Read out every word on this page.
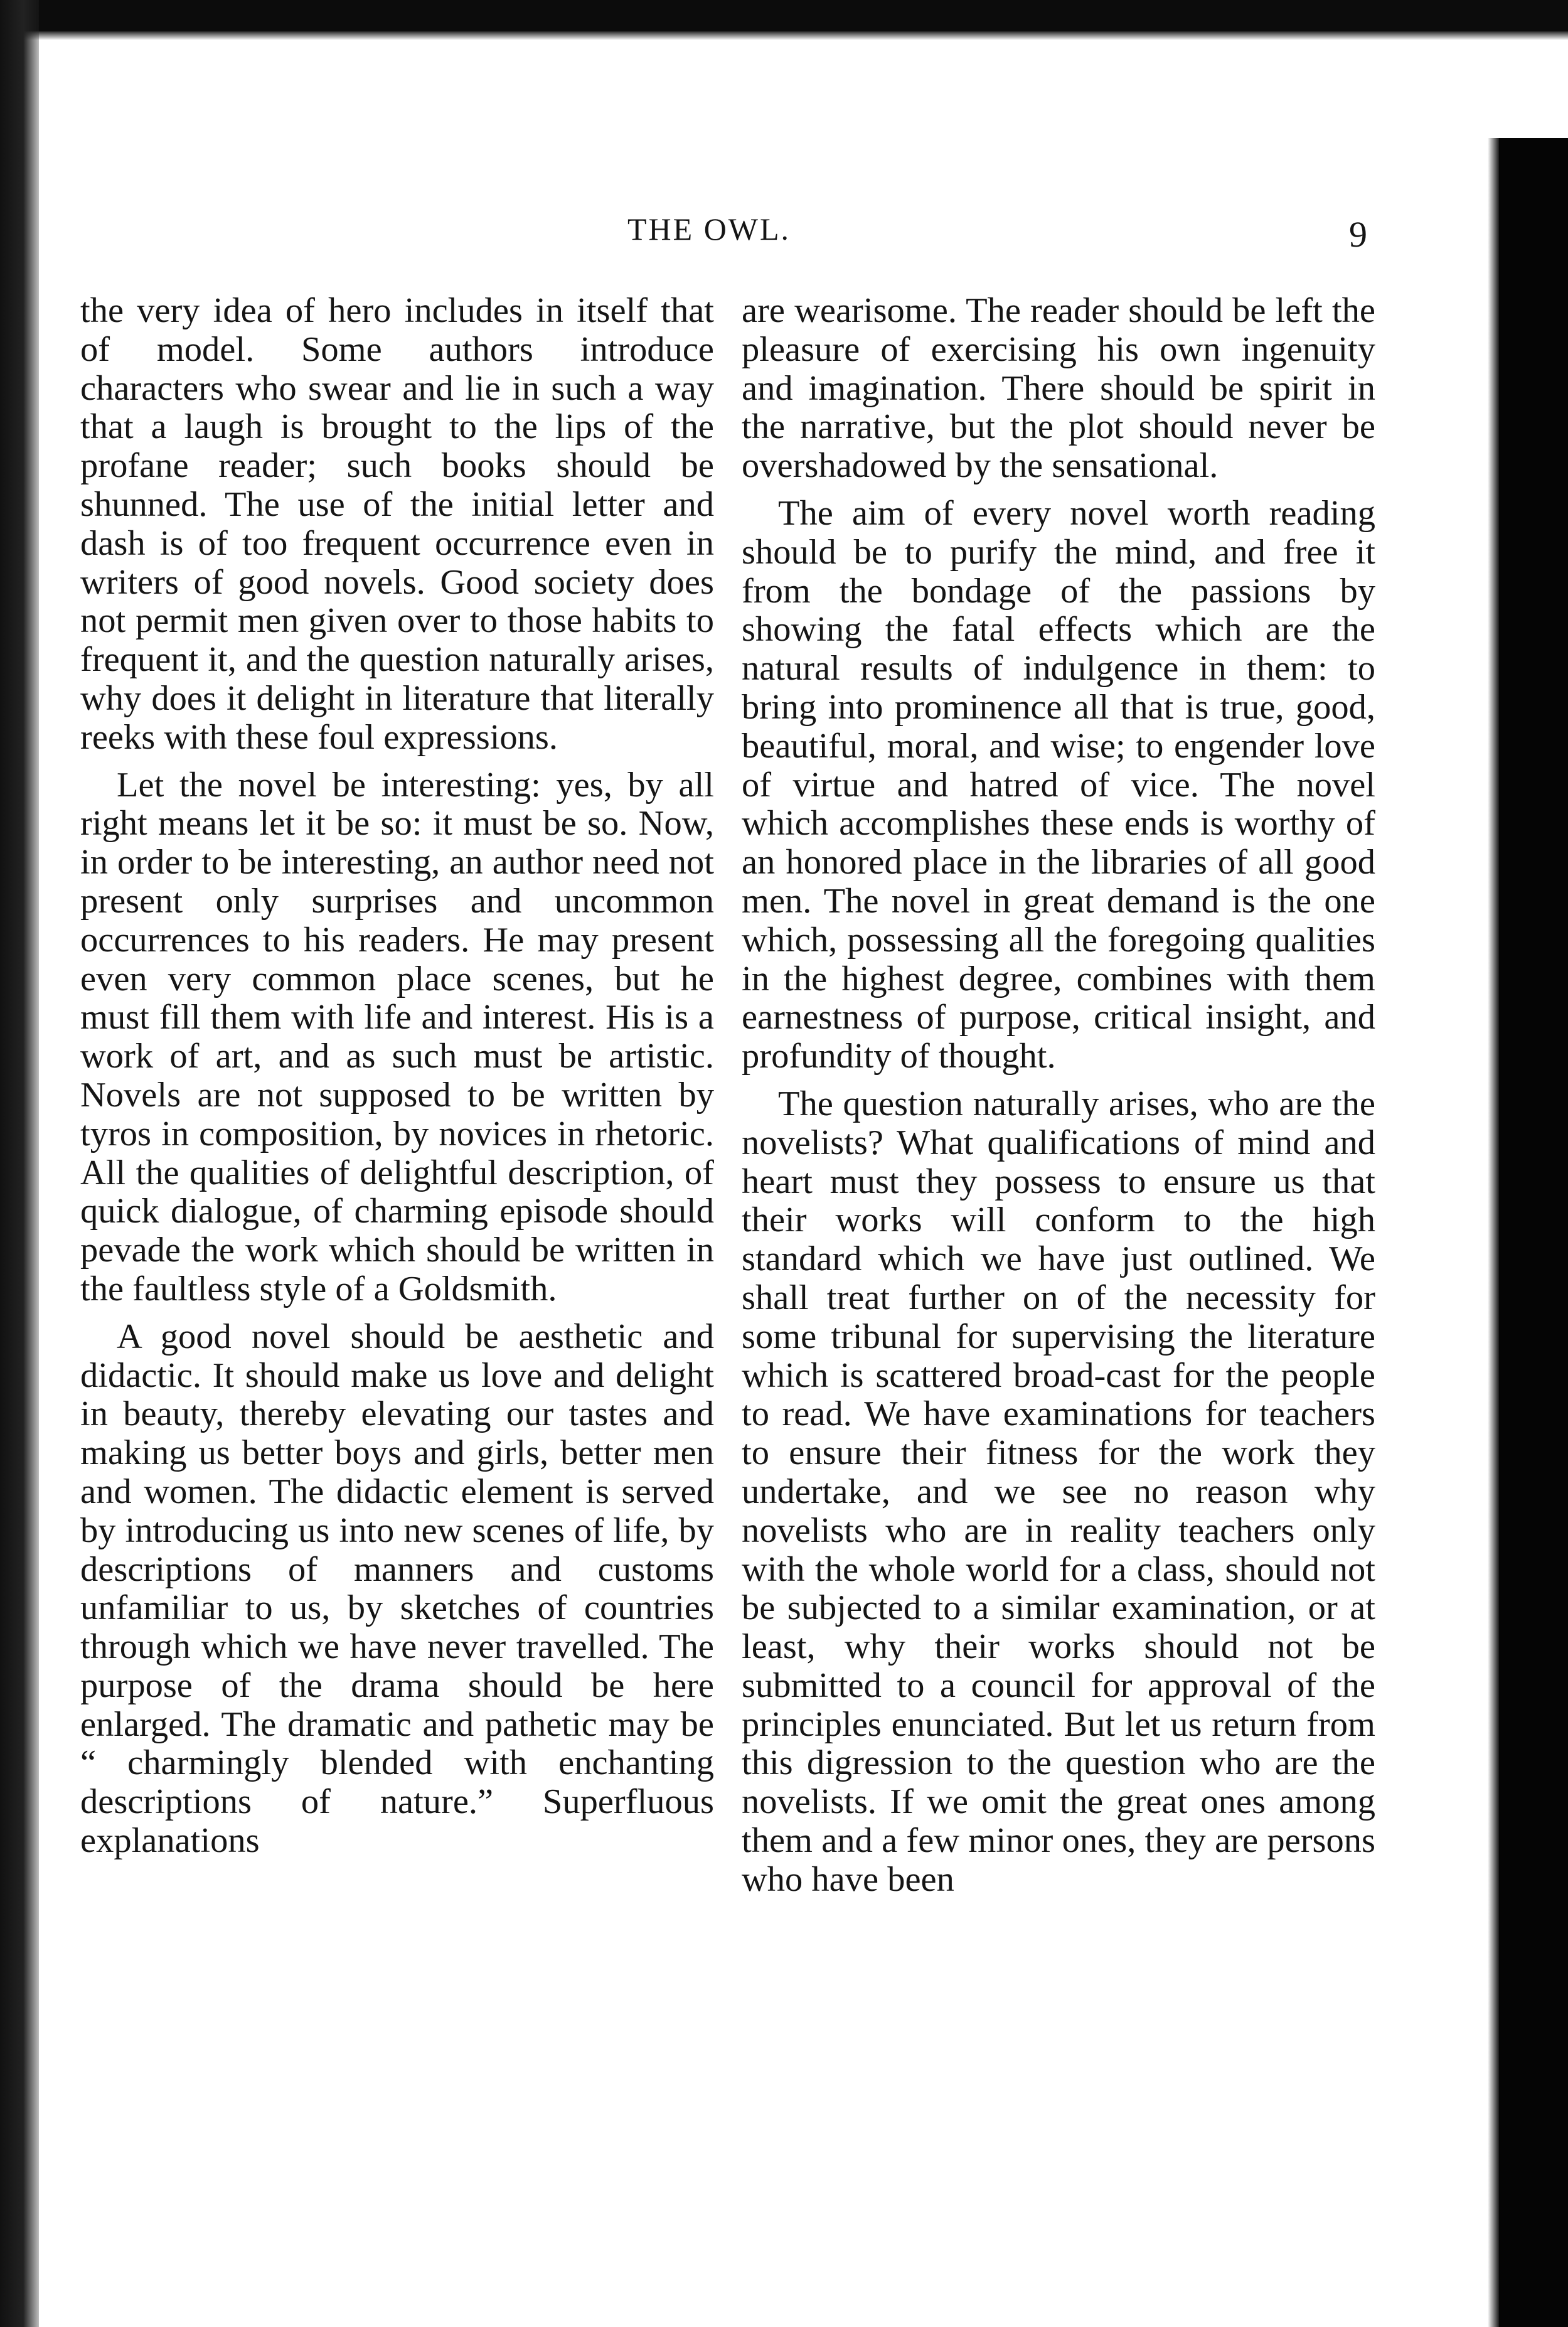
THE OWL.	9

the very idea of hero includes in itself that of model. Some authors introduce characters who swear and lie in such a way that a laugh is brought to the lips of the profane reader; such books should be shunned. The use of the initial letter and dash is of too frequent occurrence even in writers of good novels. Good society does not permit men given over to those habits to frequent it, and the question naturally arises, why does it delight in literature that literally reeks with these foul expressions.

Let the novel be interesting: yes, by all right means let it be so: it must be so. Now, in order to be interesting, an author need not present only surprises and uncommon occurrences to his readers. He may present even very common place scenes, but he must fill them with life and interest. His is a work of art, and as such must be artistic. Novels are not supposed to be written by tyros in composition, by novices in rhetoric. All the qualities of delightful description, of quick dialogue, of charming episode should pevade the work which should be written in the faultless style of a Goldsmith.

A good novel should be aesthetic and didactic. It should make us love and delight in beauty, thereby elevating our tastes and making us better boys and girls, better men and women. The didactic element is served by introducing us into new scenes of life, by descriptions of manners and customs unfamiliar to us, by sketches of countries through which we have never travelled. The purpose of the drama should be here enlarged. The dramatic and pathetic may be “ charmingly blended with enchanting descriptions of nature.” Superfluous explanations

are wearisome. The reader should be left the pleasure of exercising his own ingenuity and imagination. There should be spirit in the narrative, but the plot should never be overshadowed by the sensational.

The aim of every novel worth reading should be to purify the mind, and free it from the bondage of the passions by showing the fatal effects which are the natural results of indulgence in them: to bring into prominence all that is true, good, beautiful, moral, and wise; to engender love of virtue and hatred of vice. The novel which accomplishes these ends is worthy of an honored place in the libraries of all good men. The novel in great demand is the one which, possessing all the foregoing qualities in the highest degree, combines with them earnestness of purpose, critical insight, and profundity of thought.

The question naturally arises, who are the novelists? What qualifications of mind and heart must they possess to ensure us that their works will conform to the high standard which we have just outlined. We shall treat further on of the necessity for some tribunal for supervising the literature which is scattered broad-cast for the people to read. We have examinations for teachers to ensure their fitness for the work they undertake, and we see no reason why novelists who are in reality teachers only with the whole world for a class, should not be subjected to a similar examination, or at least, why their works should not be submitted to a council for approval of the principles enunciated. But let us return from this digression to the question who are the novelists. If we omit the great ones among them and a few minor ones, they are persons who have been
